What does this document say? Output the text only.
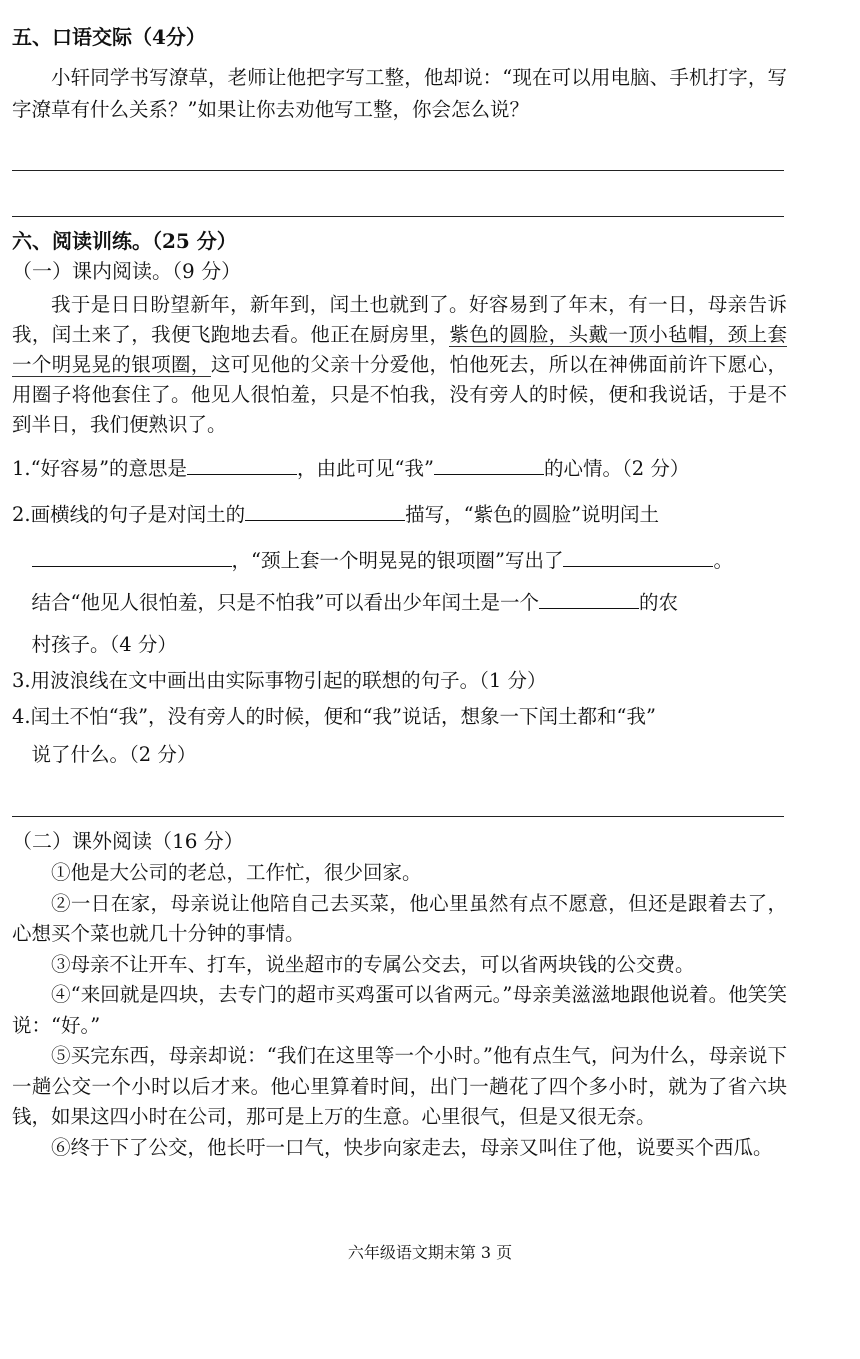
五、口语交际（4分）
小轩同学书写潦草，老师让他把字写工整，他却说：“现在可以用电脑、手机打字，写字潦草有什么关系？”如果让你去劝他写工整，你会怎么说？
六、阅读训练。（25 分）
（一）课内阅读。（9 分）
我于是日日盼望新年，新年到，闰土也就到了。好容易到了年末，有一日，母亲告诉我，闰土来了，我便飞跑地去看。他正在厨房里，紫色的圆脸，头戴一顶小毡帽，颈上套一个明晃晃的银项圈，这可见他的父亲十分爱他，怕他死去，所以在神佛面前许下愿心，用圈子将他套住了。他见人很怕羞，只是不怕我，没有旁人的时候，便和我说话，于是不到半日，我们便熟识了。
1.“好容易”的意思是	，由此可见“我”	的心情。（2 分）
2.画横线的句子是对闰土的	描写，“紫色的圆脸”说明闰土
，“颈上套一个明晃晃的银项圈”写出了	。
结合“他见人很怕羞，只是不怕我”可以看出少年闰土是一个	的农
村孩子。（4 分）
3.用波浪线在文中画出由实际事物引起的联想的句子。（1 分）
4.闰土不怕“我”，没有旁人的时候，便和“我”说话，想象一下闰土都和“我”
说了什么。（2 分）
（二）课外阅读（16 分）
①他是大公司的老总，工作忙，很少回家。
②一日在家，母亲说让他陪自己去买菜，他心里虽然有点不愿意，但还是跟着去了，心想买个菜也就几十分钟的事情。
③母亲不让开车、打车，说坐超市的专属公交去，可以省两块钱的公交费。
④“来回就是四块，去专门的超市买鸡蛋可以省两元。”母亲美滋滋地跟他说着。他笑笑说：“好。”
⑤买完东西，母亲却说：“我们在这里等一个小时。”他有点生气，问为什么，母亲说下一趟公交一个小时以后才来。他心里算着时间，出门一趟花了四个多小时，就为了省六块钱，如果这四小时在公司，那可是上万的生意。心里很气，但是又很无奈。
⑥终于下了公交，他长吁一口气，快步向家走去，母亲又叫住了他，说要买个西瓜。
六年级语文期末第 3 页
